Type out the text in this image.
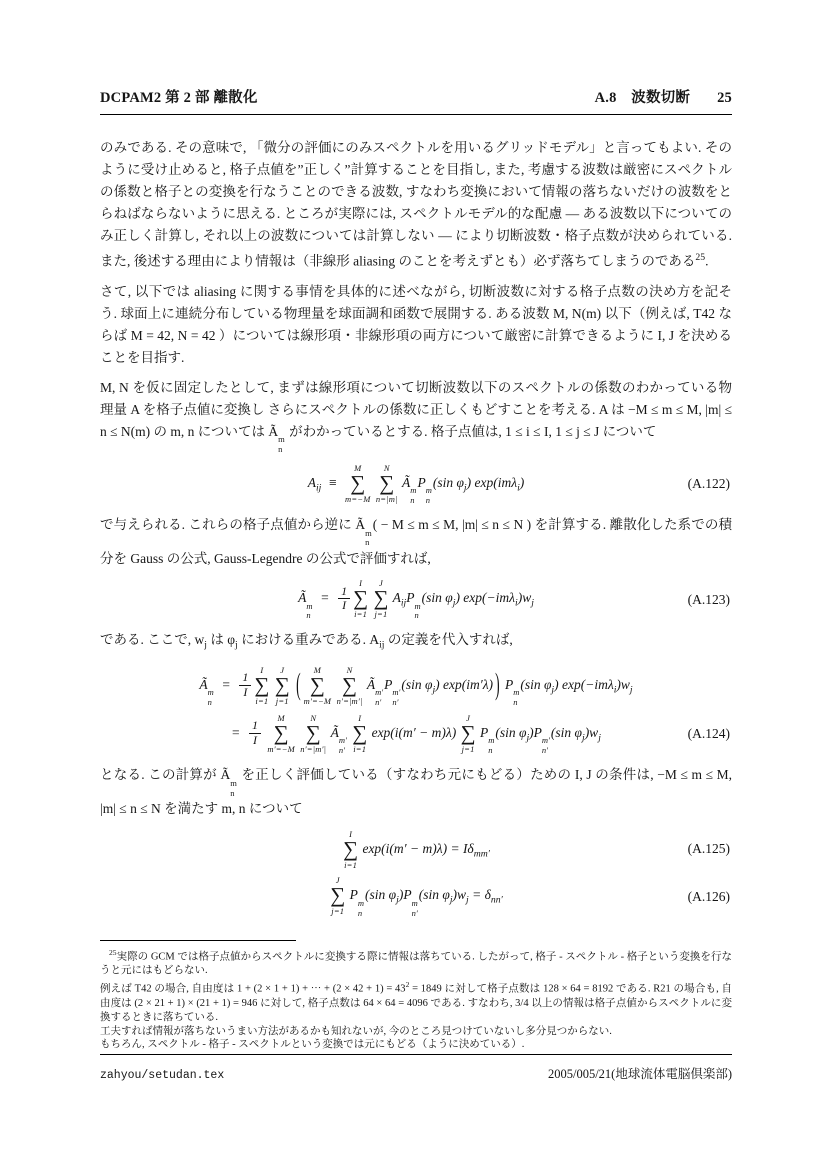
DCPAM2 第 2 部 離散化	A.8　波数切断 25

のみである. その意味で, 「微分の評価にのみスペクトルを用いるグリッドモデル」と言ってもよい. そのように受け止めると, 格子点値を”正しく”計算することを目指し, また, 考慮する波数は厳密にスペクトルの係数と格子との変換を行なうことのできる波数, すなわち変換において情報の落ちないだけの波数をとらねばならないように思える. ところが実際には, スペクトルモデル的な配慮 — ある波数以下についてのみ正しく計算し, それ以上の波数については計算しない — により切断波数・格子点数が決められている. また, 後述する理由により情報は（非線形 aliasing のことを考えずとも）必ず落ちてしまうのである$^{25}$.

さて, 以下では aliasing に関する事情を具体的に述べながら, 切断波数に対する格子点数の決め方を記そう. 球面上に連続分布している物理量を球面調和函数で展開する. ある波数 M, N(m) 以下（例えば, T42 ならば M = 42, N = 42 ）については線形項・非線形項の両方について厳密に計算できるように I, J を決めることを目指す.

M, N を仮に固定したとして, まずは線形項について切断波数以下のスペクトルの係数のわかっている物理量 A を格子点値に変換し さらにスペクトルの係数に正しくもどすことを考える. A は −M ≤ m ≤ M, |m| ≤ n ≤ N(m) の m, n については Ã
m
n
がわかっているとする. 格子点値は, 1 ≤ i ≤ I, 1 ≤ j ≤ J について

$A_{ij}$  ≡
M
∑
m=−M

N
∑
n=|m|
Ã
m
n
P
m
n
(sin $\varphi_j$) exp(imλ$_i$)	(A.122)

で与えられる. これらの格子点値から逆に Ã
m
n
( − M ≤ m ≤ M, |m| ≤ n ≤ N ) を計算する. 離散化した系での積分を Gauss の公式, Gauss-Legendre の公式で評価すれば,

Ã
m
n
= $\frac{1}{I}$
I
∑
i=1

J
∑
j=1
$A_{ij}P$
m
n
(sin $\varphi_j$) $\exp(-im\lambda_i)w_j$	(A.123)

である. ここで, $w_j$ は $\varphi_j$ における重みである. $A_{ij}$ の定義を代入すれば,

Ã
m
n
= $\frac{1}{I}$
I
∑
i=1

J
∑
j=1
( M
∑
m′=−M

N
∑
n′=|m′|
Ã
m′
n′
P
m′
n′
(sin $\varphi_j$) exp(im′λ) ) P
m
n
(sin $\varphi_j$) $\exp(-im\lambda_i)w_j$
= $\frac{1}{I}$

M
∑
m′=−M

N
∑
n′=|m′|
Ã
m′
n′

I
∑
i=1
exp(i(m′ − m)λ)
J
∑
j=1
P
m
n
(sin $\varphi_j)P$
m′
n′
(sin $\varphi_j)w_j$	(A.124)

となる. この計算が Ã
m
n
を正しく評価している（すなわち元にもどる）ための I, J の条件は, −M ≤ m ≤ M, |m| ≤ n ≤ N を満たす m, n について

I
∑
i=1
$\exp(i(m' - m)\lambda) = I\delta_{mm'}$	(A.125)
J
∑
j=1
P
m
n
(sin $\varphi_j)P$
m
n′
(sin $\varphi_j)w_j = \delta_{nn'}$	(A.126)

$^{25}$実際の GCM では格子点値からスペクトルに変換する際に情報は落ちている. したがって, 格子 - スペクトル - 格子という変換を行なうと元にはもどらない.

例えば T42 の場合, 自由度は 1 + (2 × 1 + 1) + ⋯ + $(2 \times 42 + 1) = 43^2 = 1849$ に対して格子点数は 128 × 64 = 8192 である. R21 の場合も, 自由度は (2 × 21 + 1) × (21 + 1) = 946 に対して, 格子点数は 64 × 64 = 4096 である. すなわち, 3/4 以上の情報は格子点値からスペクトルに変換するときに落ちている.

工夫すれば情報が落ちないうまい方法があるかも知れないが, 今のところ見つけていないし多分見つからない.

もちろん, スペクトル - 格子 - スペクトルという変換では元にもどる（ように決めている）.

zahyou/setudan.tex	2005/005/21(地球流体電脳倶楽部)
